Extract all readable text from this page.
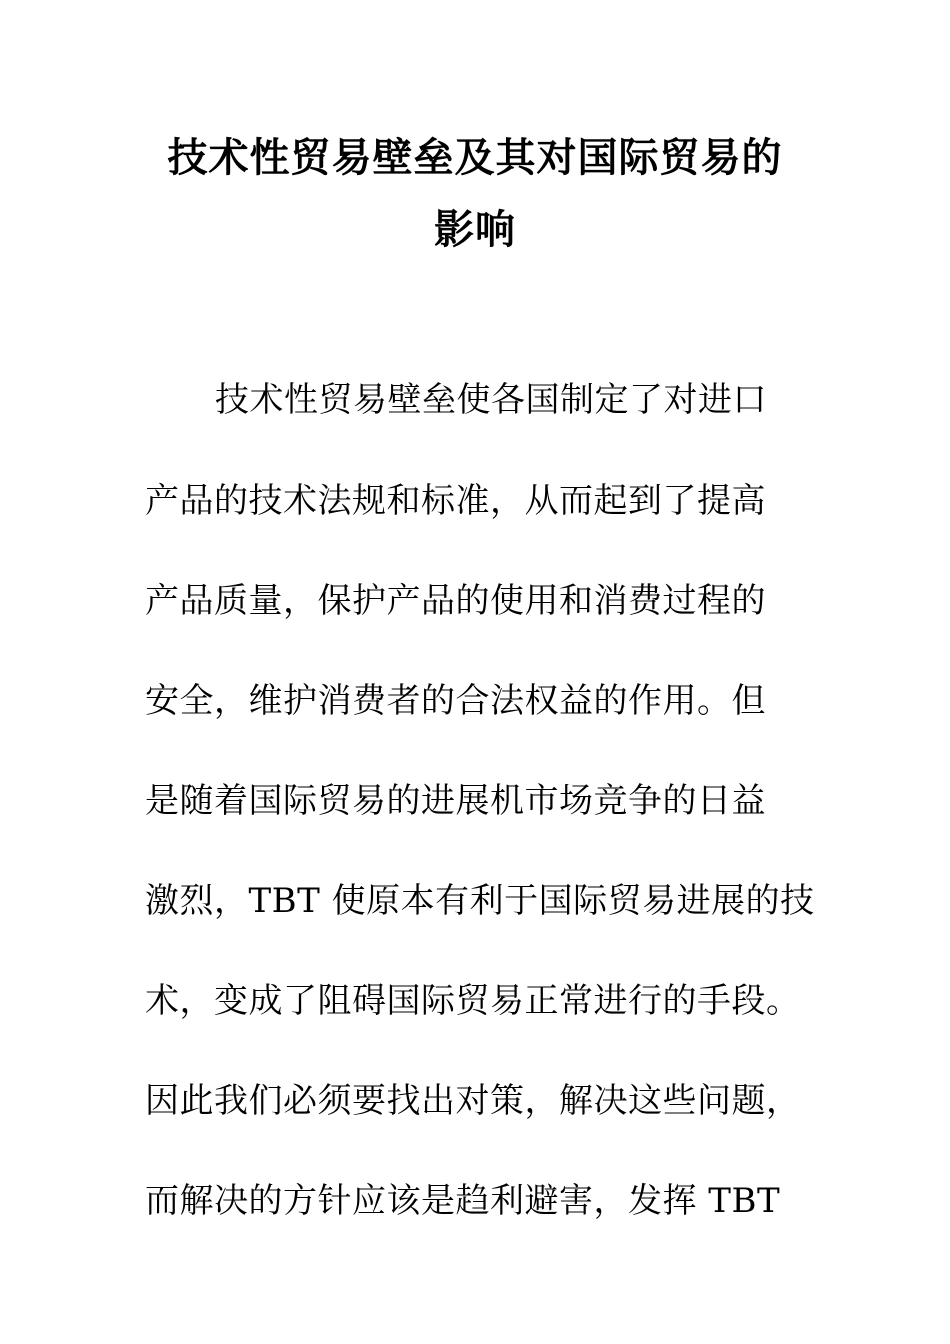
技术性贸易壁垒及其对国际贸易的
影响
技术性贸易壁垒使各国制定了对进口
产品的技术法规和标准，从而起到了提高
产品质量，保护产品的使用和消费过程的
安全，维护消费者的合法权益的作用。但
是随着国际贸易的进展机市场竞争的日益
激烈，TBT 使原本有利于国际贸易进展的技
术，变成了阻碍国际贸易正常进行的手段。
因此我们必须要找出对策，解决这些问题，
而解决的方针应该是趋利避害，发挥 TBT
